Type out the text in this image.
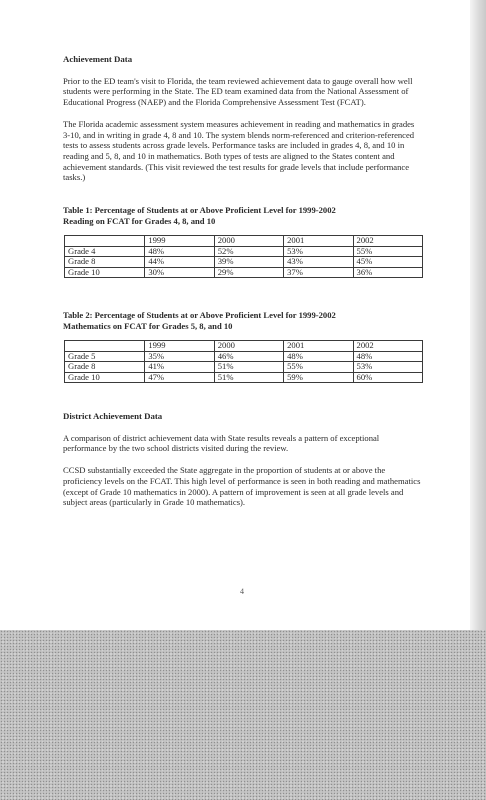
Achievement Data

Prior to the ED team's visit to Florida, the team reviewed achievement data to gauge overall how well students were performing in the State. The ED team examined data from the National Assessment of Educational Progress (NAEP) and the Florida Comprehensive Assessment Test (FCAT).

The Florida academic assessment system measures achievement in reading and mathematics in grades 3-10, and in writing in grade 4, 8 and 10. The system blends norm-referenced and criterion-referenced tests to assess students across grade levels. Performance tasks are included in grades 4, 8, and 10 in reading and 5, 8, and 10 in mathematics. Both types of tests are aligned to the States content and achievement standards. (This visit reviewed the test results for grade levels that include performance tasks.)

Table 1: Percentage of Students at or Above Proficient Level for 1999-2002
Reading on FCAT for Grades 4, 8, and 10
	1999	2000	2001	2002
Grade 4	48%	52%	53%	55%
Grade 8	44%	39%	43%	45%
Grade 10	30%	29%	37%	36%
Table 2: Percentage of Students at or Above Proficient Level for 1999-2002
Mathematics on FCAT for Grades 5, 8, and 10
	1999	2000	2001	2002
Grade 5	35%	46%	48%	48%
Grade 8	41%	51%	55%	53%
Grade 10	47%	51%	59%	60%
District Achievement Data

A comparison of district achievement data with State results reveals a pattern of exceptional performance by the two school districts visited during the review.

CCSD substantially exceeded the State aggregate in the proportion of students at or above the proficiency levels on the FCAT. This high level of performance is seen in both reading and mathematics (except of Grade 10 mathematics in 2000). A pattern of improvement is seen at all grade levels and subject areas (particularly in Grade 10 mathematics).

4
